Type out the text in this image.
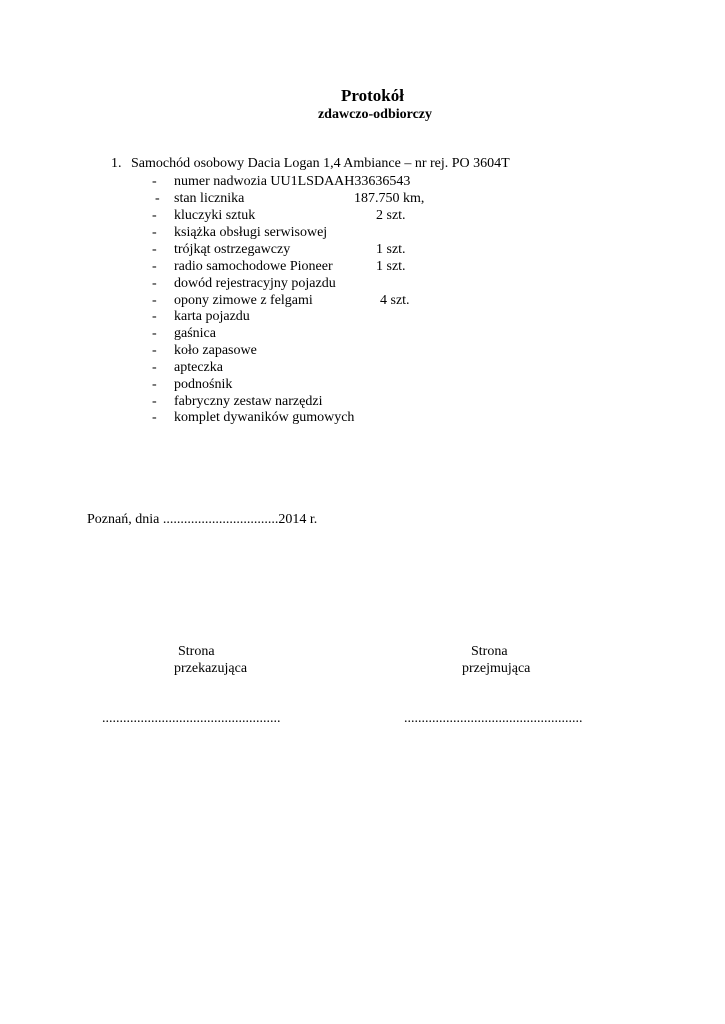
Protokół
zdawczo-odbiorczy
1. Samochód osobowy Dacia Logan 1,4 Ambiance – nr rej. PO 3604T
- numer nadwozia UU1LSDAAH33636543
- stan licznika	187.750 km,
- kluczyki sztuk	2 szt.
- książka obsługi serwisowej
- trójkąt ostrzegawczy	1 szt.
- radio samochodowe Pioneer	1 szt.
- dowód rejestracyjny pojazdu
- opony zimowe z felgami	4 szt.
- karta pojazdu
- gaśnica
- koło zapasowe
- apteczka
- podnośnik
- fabryczny zestaw narzędzi
- komplet dywaników gumowych
Poznań, dnia .................................2014 r.
Strona
przekazująca
...................................................
Strona
przejmująca
...................................................
